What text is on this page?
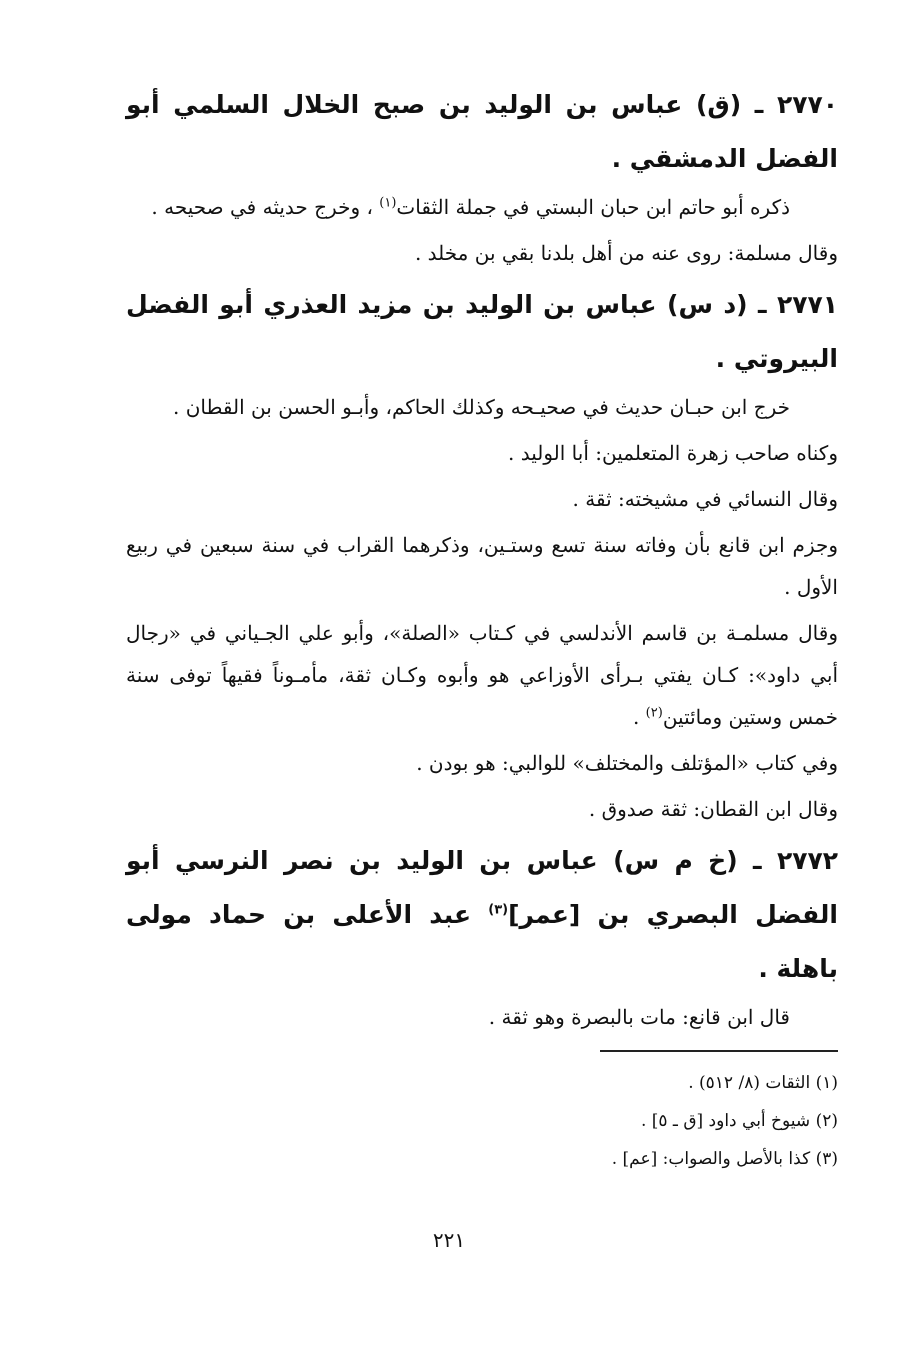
٢٧٧٠ ـ (ق) عباس بن الوليد بن صبح الخلال السلمي أبو الفضل الدمشقي .

ذكره أبو حاتم ابن حبان البستي في جملة الثقات$^{(١)}$ ، وخرج حديثه في صحيحه .

وقال مسلمة: روى عنه من أهل بلدنا بقي بن مخلد .

٢٧٧١ ـ (د س) عباس بن الوليد بن مزيد العذري أبو الفضل البيروتي .

خرج ابن حبـان حديث في صحيـحه وكذلك الحاكم، وأبـو الحسن بن القطان .

وكناه صاحب زهرة المتعلمين: أبا الوليد .

وقال النسائي في مشيخته: ثقة .

وجزم ابن قانع بأن وفاته سنة تسع وستـين، وذكرهما القراب في سنة سبعين في ربيع الأول .

وقال مسلمـة بن قاسم الأندلسي في كـتاب «الصلة»، وأبو علي الجـياني في «رجال أبي داود»: كـان يفتي بـرأى الأوزاعي هو وأبوه وكـان ثقة، مأمـوناً فقيهاً توفى سنة خمس وستين ومائتين$^{(٢)}$ .

وفي كتاب «المؤتلف والمختلف» للوالبي: هو بودن .

وقال ابن القطان: ثقة صدوق .

٢٧٧٢ ـ (خ م س) عباس بن الوليد بن نصر النرسي أبو الفضل البصري بن [عمر]$^{(٣)}$ عبد الأعلى بن حماد مولى باهلة .

قال ابن قانع: مات بالبصرة وهو ثقة .

(١) الثقات (٨/ ٥١٢) .

(٢) شيوخ أبي داود [ق ـ ٥] .

(٣) كذا بالأصل والصواب: [عم] .

٢٢١
